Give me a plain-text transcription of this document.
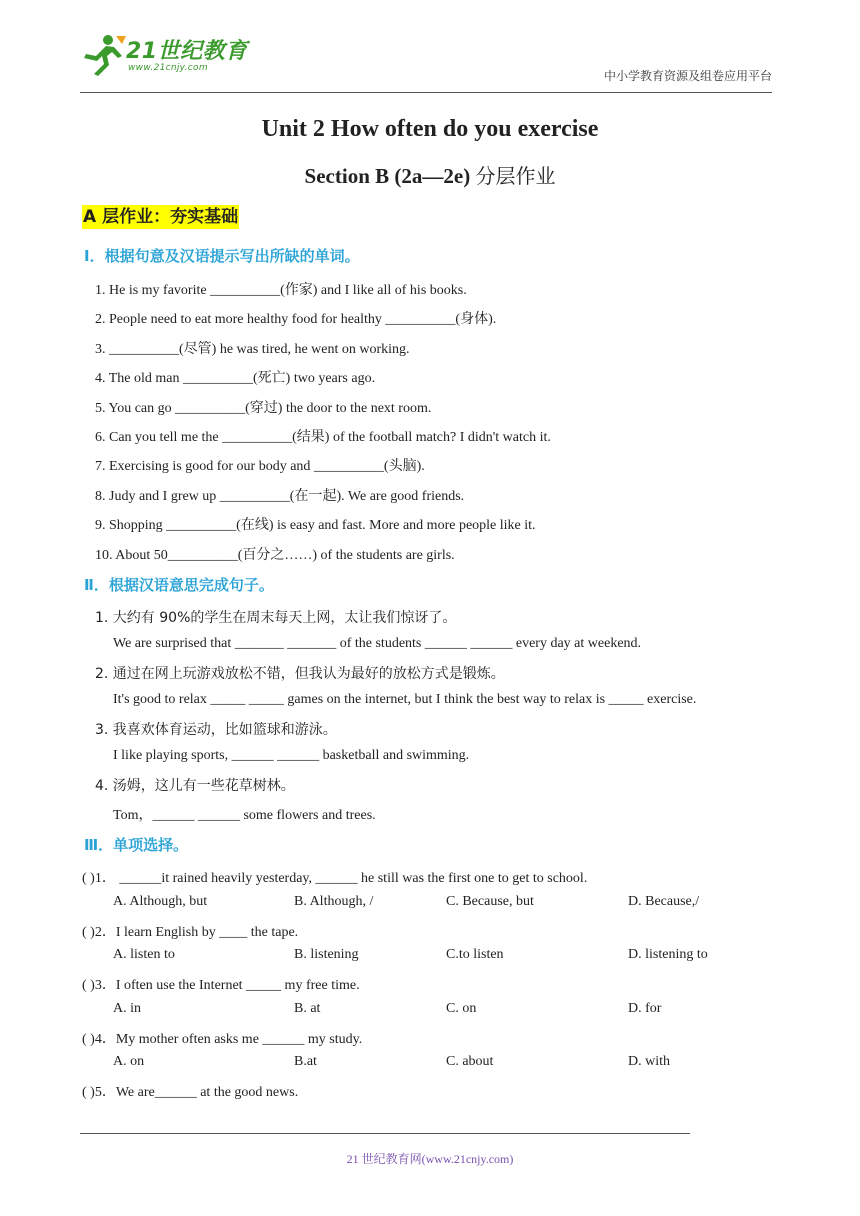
21世纪教育
www.21cnjy.com
中小学教育资源及组卷应用平台
Unit 2 How often do you exercise
Section B (2a—2e) 分层作业
A 层作业：夯实基础
Ⅰ．根据句意及汉语提示写出所缺的单词。
1. He is my favorite __________(作家) and I like all of his books.
2. People need to eat more healthy food for healthy __________(身体).
3. __________(尽管) he was tired, he went on working.
4. The old man __________(死亡) two years ago.
5. You can go __________(穿过) the door to the next room.
6. Can you tell me the __________(结果) of the football match? I didn't watch it.
7. Exercising is good for our body and __________(头脑).
8. Judy and I grew up __________(在一起). We are good friends.
9. Shopping __________(在线) is easy and fast. More and more people like it.
10. About 50__________(百分之……) of the students are girls.
Ⅱ．根据汉语意思完成句子。
1. 大约有 90%的学生在周末每天上网，太让我们惊讶了。
We are surprised that _______ _______ of the students ______ ______ every day at weekend.
2. 通过在网上玩游戏放松不错，但我认为最好的放松方式是锻炼。
It's good to relax _____ _____ games on the internet, but I think the best way to relax is _____ exercise.
3. 我喜欢体育运动，比如篮球和游泳。
I like playing sports, ______ ______ basketball and swimming.
4. 汤姆，这儿有一些花草树林。
Tom，______ ______ some flowers and trees.
Ⅲ．单项选择。
( )1． ______it rained heavily yesterday, ______ he still was the first one to get to school.
A. Although, but	B. Although, /	C. Because, but	D. Because,/
( )2．I learn English by ____ the tape.
A. listen to	B. listening	C.to listen	D. listening to
( )3．I often use the Internet _____ my free time.
A. in	B. at	C. on	D. for
( )4．My mother often asks me ______ my study.
A. on	B.at	C. about	D. with
( )5．We are______ at the good news.
21 世纪教育网(www.21cnjy.com)
